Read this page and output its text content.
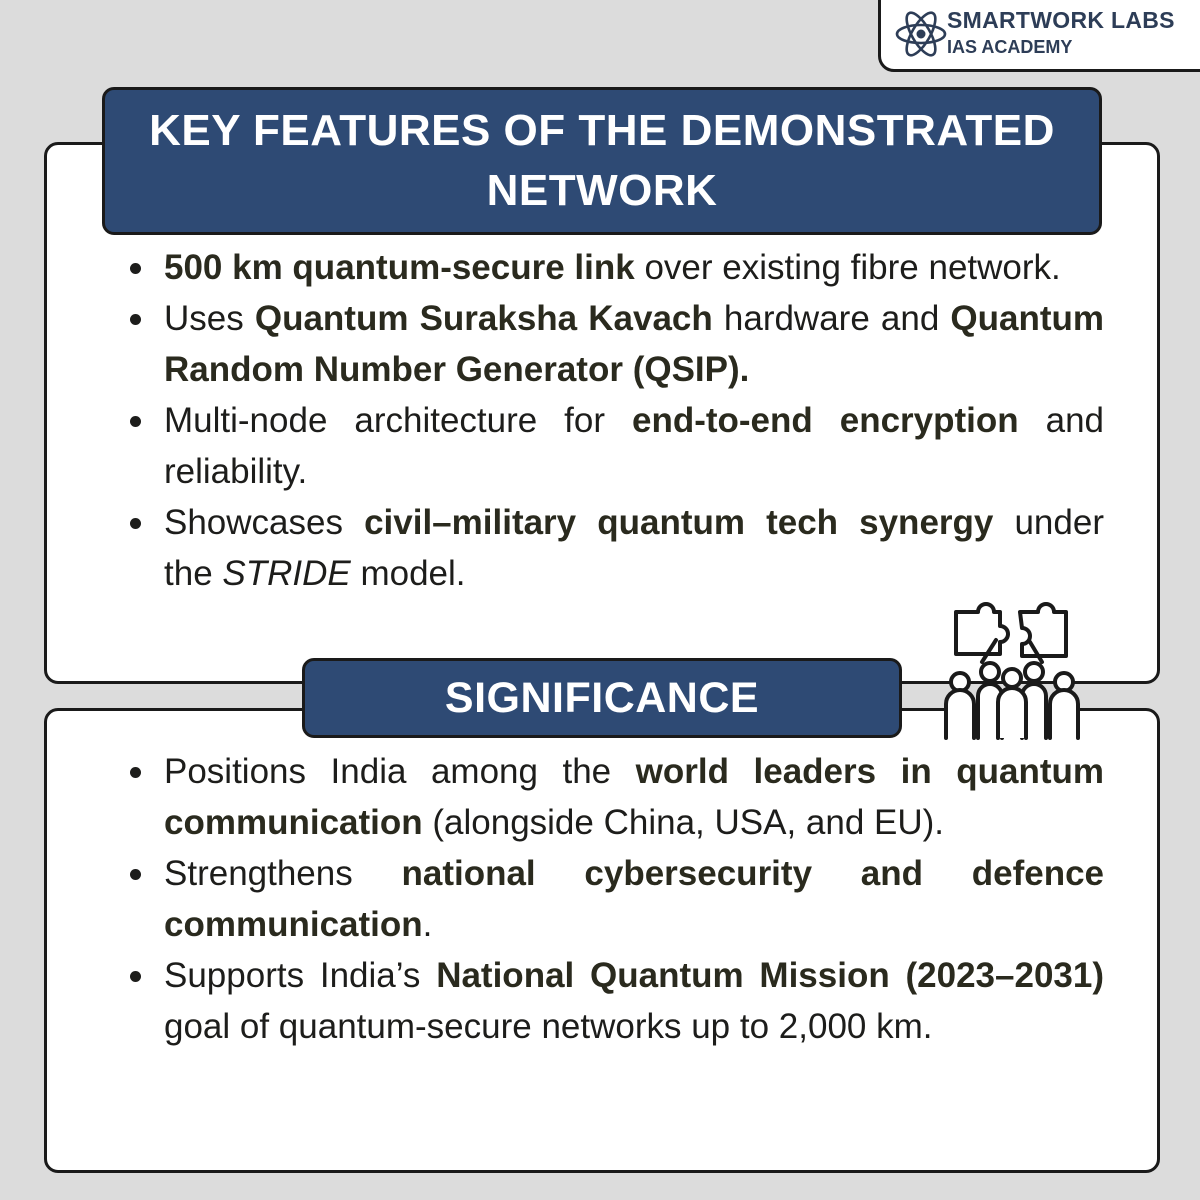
SMARTWORK LABS
IAS ACADEMY
KEY FEATURES OF THE DEMONSTRATED NETWORK
500 km quantum-secure link over existing fibre network.
Uses Quantum Suraksha Kavach hardware and Quantum Random Number Generator (QSIP).
Multi-node architecture for end-to-end encryption and reliability.
Showcases civil–military quantum tech synergy under the STRIDE model.
SIGNIFICANCE
Positions India among the world leaders in quantum communication (alongside China, USA, and EU).
Strengthens national cybersecurity and defence communication.
Supports India’s National Quantum Mission (2023–2031) goal of quantum-secure networks up to 2,000 km.
